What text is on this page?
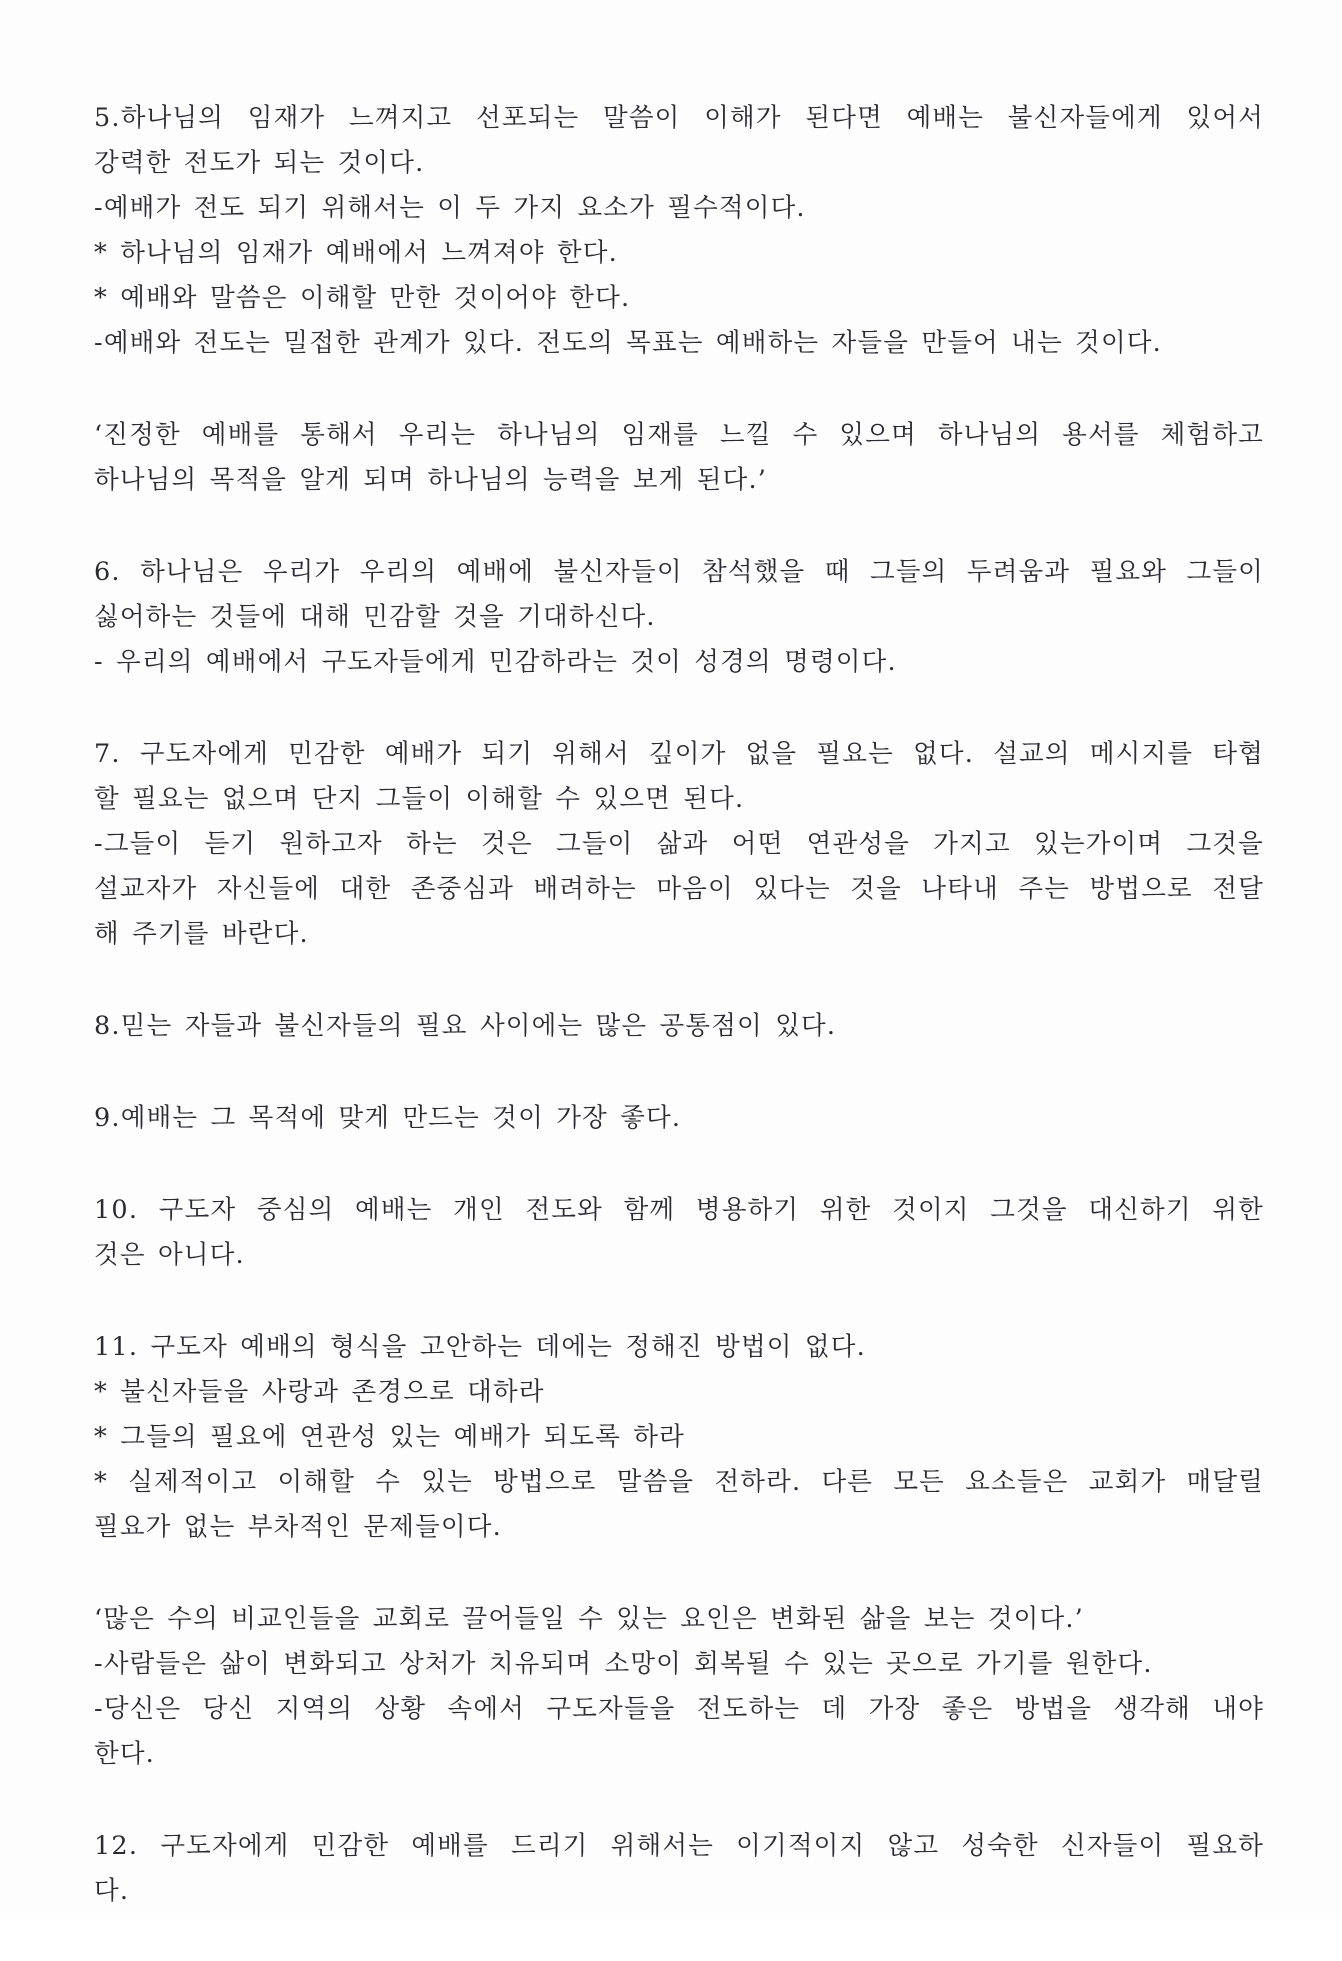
5.하나님의 임재가 느껴지고 선포되는 말씀이 이해가 된다면 예배는 불신자들에게 있어서
강력한 전도가 되는 것이다.
-예배가 전도 되기 위해서는 이 두 가지 요소가 필수적이다.
* 하나님의 임재가 예배에서 느껴져야 한다.
* 예배와 말씀은 이해할 만한 것이어야 한다.
-예배와 전도는 밀접한 관계가 있다. 전도의 목표는 예배하는 자들을 만들어 내는 것이다.
‘진정한 예배를 통해서 우리는 하나님의 임재를 느낄 수 있으며 하나님의 용서를 체험하고
하나님의 목적을 알게 되며 하나님의 능력을 보게 된다.’
6. 하나님은 우리가 우리의 예배에 불신자들이 참석했을 때 그들의 두려움과 필요와 그들이
싫어하는 것들에 대해 민감할 것을 기대하신다.
- 우리의 예배에서 구도자들에게 민감하라는 것이 성경의 명령이다.
7. 구도자에게 민감한 예배가 되기 위해서 깊이가 없을 필요는 없다. 설교의 메시지를 타협
할 필요는 없으며 단지 그들이 이해할 수 있으면 된다.
-그들이 듣기 원하고자 하는 것은 그들이 삶과 어떤 연관성을 가지고 있는가이며 그것을
설교자가 자신들에 대한 존중심과 배려하는 마음이 있다는 것을 나타내 주는 방법으로 전달
해 주기를 바란다.
8.믿는 자들과 불신자들의 필요 사이에는 많은 공통점이 있다.
9.예배는 그 목적에 맞게 만드는 것이 가장 좋다.
10. 구도자 중심의 예배는 개인 전도와 함께 병용하기 위한 것이지 그것을 대신하기 위한
것은 아니다.
11. 구도자 예배의 형식을 고안하는 데에는 정해진 방법이 없다.
* 불신자들을 사랑과 존경으로 대하라
* 그들의 필요에 연관성 있는 예배가 되도록 하라
* 실제적이고 이해할 수 있는 방법으로 말씀을 전하라. 다른 모든 요소들은 교회가 매달릴
필요가 없는 부차적인 문제들이다.
‘많은 수의 비교인들을 교회로 끌어들일 수 있는 요인은 변화된 삶을 보는 것이다.’
-사람들은 삶이 변화되고 상처가 치유되며 소망이 회복될 수 있는 곳으로 가기를 원한다.
-당신은 당신 지역의 상황 속에서 구도자들을 전도하는 데 가장 좋은 방법을 생각해 내야
한다.
12. 구도자에게 민감한 예배를 드리기 위해서는 이기적이지 않고 성숙한 신자들이 필요하
다.
